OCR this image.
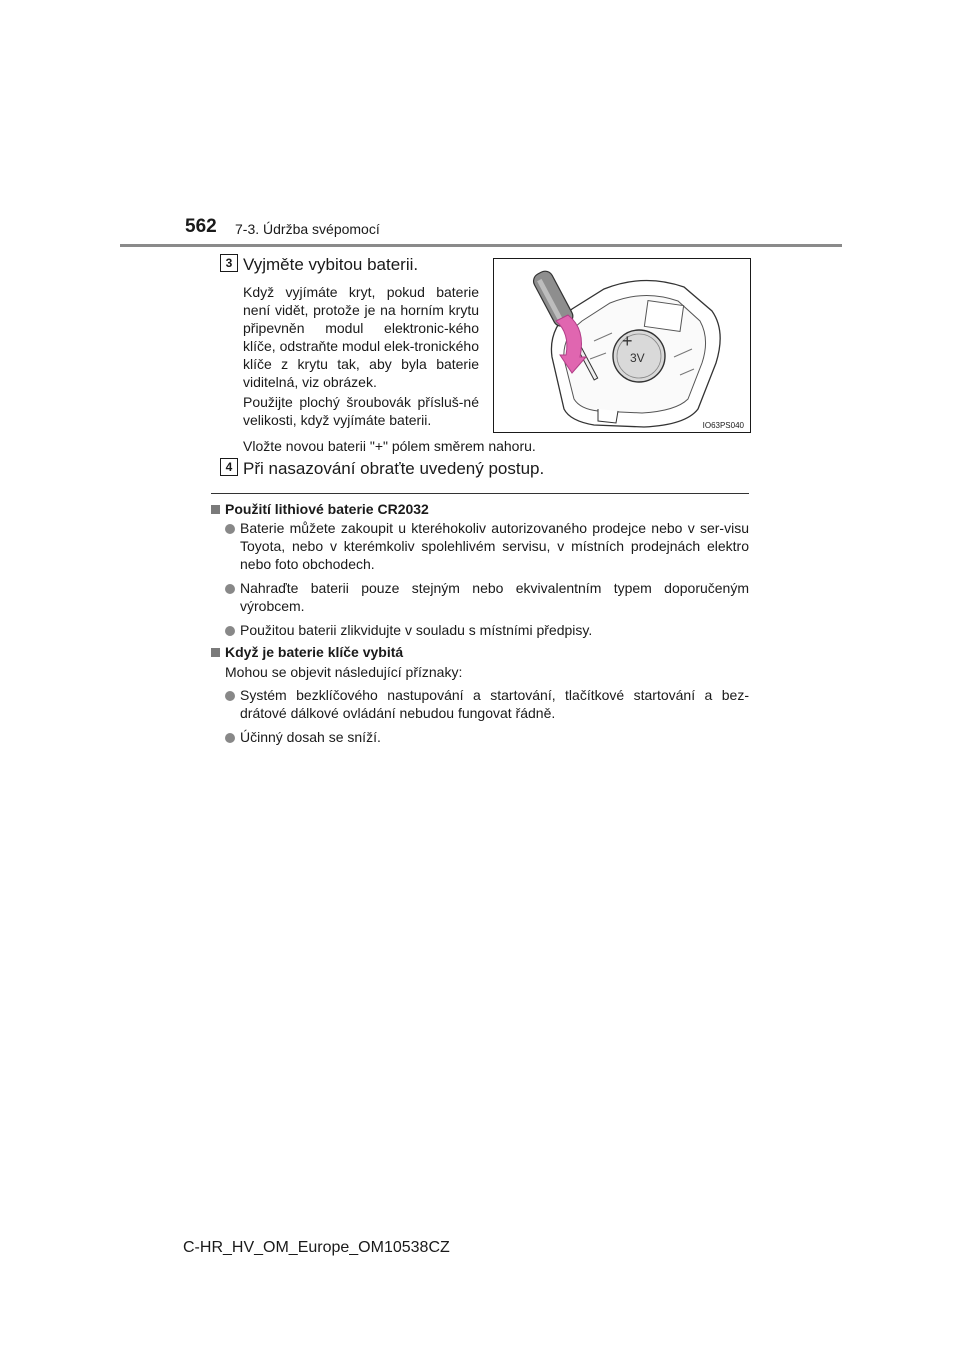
562 7-3. Údržba svépomocí
3 Vyjměte vybitou baterii.
Když vyjímáte kryt, pokud baterie není vidět, protože je na horním krytu připevněn modul elektronic-kého klíče, odstraňte modul elek-tronického klíče z krytu tak, aby byla baterie viditelná, viz obrázek.
Použijte plochý šroubovák přísluš-né velikosti, když vyjímáte baterii.
Vložte novou baterii "+" pólem směrem nahoru.
+
3V
IO63PS040
4 Při nasazování obraťte uvedený postup.
Použití lithiové baterie CR2032
Baterie můžete zakoupit u kteréhokoliv autorizovaného prodejce nebo v ser-visu Toyota, nebo v kterémkoliv spolehlivém servisu, v místních prodejnách elektro nebo foto obchodech.
Nahraďte baterii pouze stejným nebo ekvivalentním typem doporučeným výrobcem.
Použitou baterii zlikvidujte v souladu s místními předpisy.
Když je baterie klíče vybitá
Mohou se objevit následující příznaky:
Systém bezklíčového nastupování a startování, tlačítkové startování a bez-drátové dálkové ovládání nebudou fungovat řádně.
Účinný dosah se sníží.
C-HR_HV_OM_Europe_OM10538CZ
